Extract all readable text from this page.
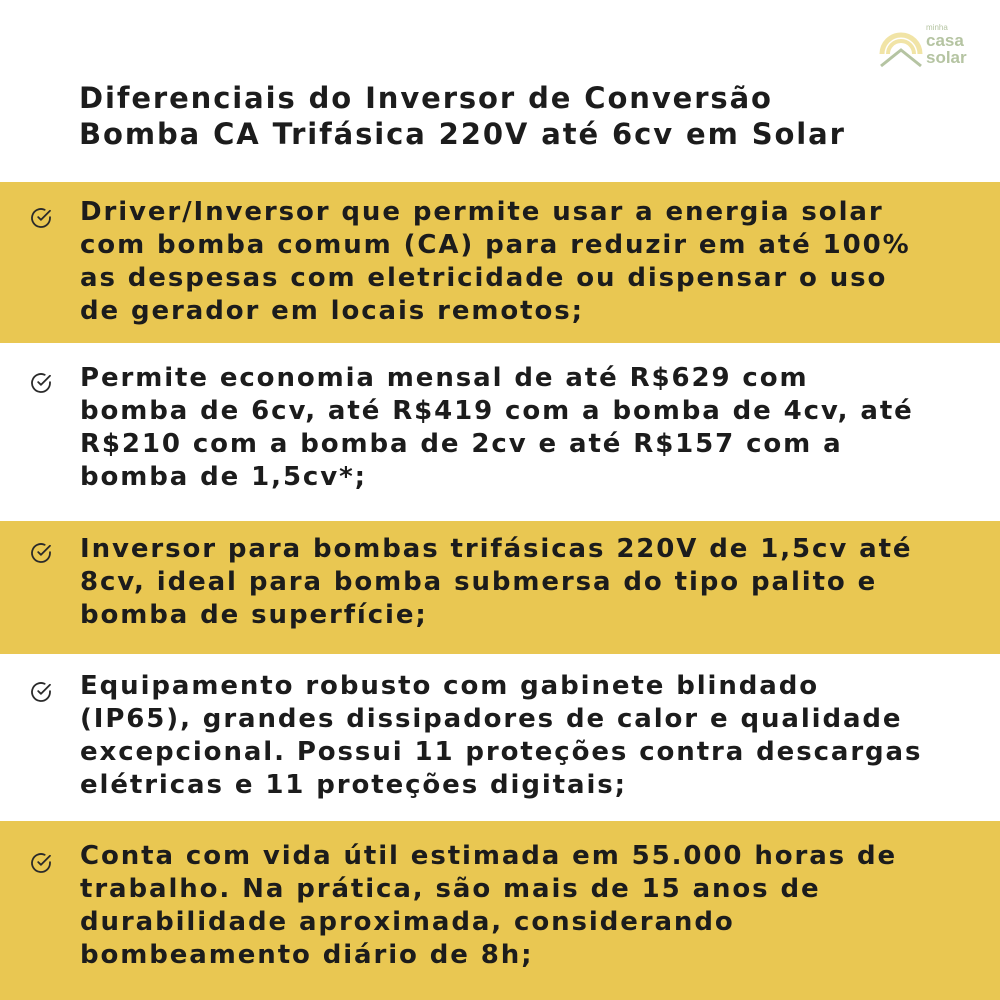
minha
casa
solar
Diferenciais do Inversor de Conversão
Bomba CA Trifásica 220V até 6cv em Solar
Driver/Inversor que permite usar a energia solar
com bomba comum (CA) para reduzir em até 100%
as despesas com eletricidade ou dispensar o uso
de gerador em locais remotos;
Permite economia mensal de até R$629 com
bomba de 6cv, até R$419 com a bomba de 4cv, até
R$210 com a bomba de 2cv e até R$157 com a
bomba de 1,5cv*;
Inversor para bombas trifásicas 220V de 1,5cv até
8cv, ideal para bomba submersa do tipo palito e
bomba de superfície;
Equipamento robusto com gabinete blindado
(IP65), grandes dissipadores de calor e qualidade
excepcional. Possui 11 proteções contra descargas
elétricas e 11 proteções digitais;
Conta com vida útil estimada em 55.000 horas de
trabalho. Na prática, são mais de 15 anos de
durabilidade aproximada, considerando
bombeamento diário de 8h;
